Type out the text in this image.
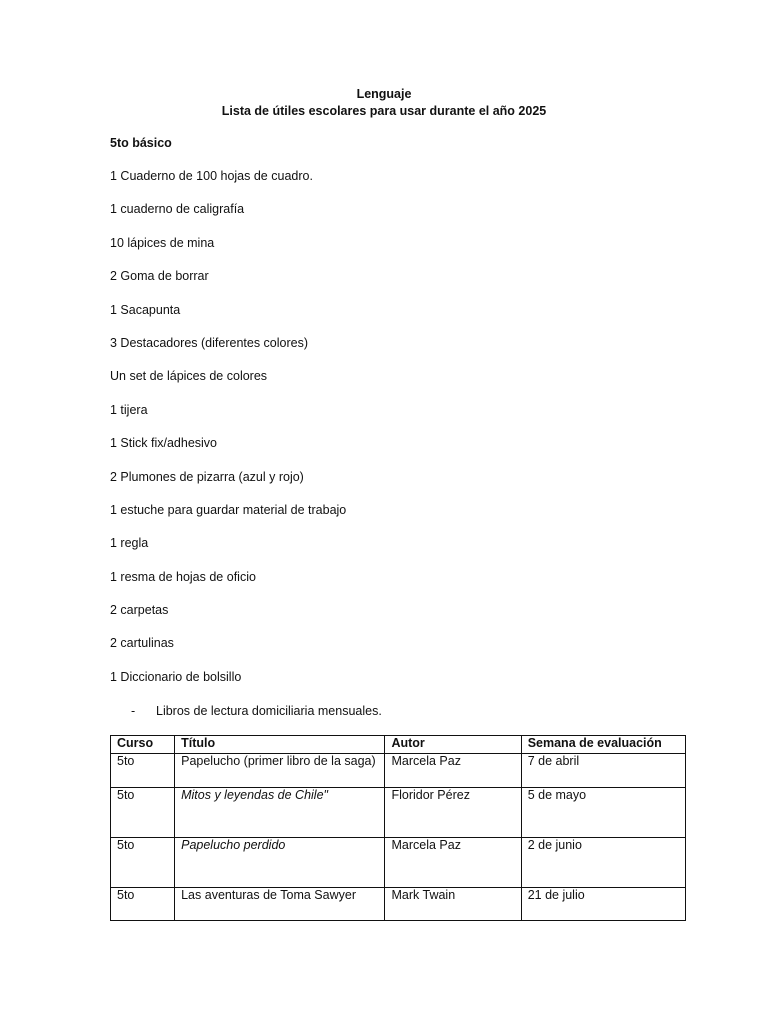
Lenguaje
Lista de útiles escolares para usar durante el año 2025
5to básico
1 Cuaderno de 100 hojas de cuadro.
1 cuaderno de caligrafía
10 lápices de mina
2 Goma de borrar
1 Sacapunta
3 Destacadores (diferentes colores)
Un set de lápices de colores
1 tijera
1 Stick fix/adhesivo
2 Plumones de pizarra (azul y rojo)
1 estuche para guardar material de trabajo
1 regla
1 resma de hojas de oficio
2 carpetas
2 cartulinas
1 Diccionario de bolsillo
- Libros de lectura domiciliaria mensuales.
Curso	Título	Autor	Semana de evaluación
5to	Papelucho (primer libro de la saga)	Marcela Paz	7 de abril
5to	Mitos y leyendas de Chile"	Floridor Pérez	5 de mayo
5to	Papelucho perdido	Marcela Paz	2 de junio
5to	Las aventuras de Toma Sawyer	Mark Twain	21 de julio
